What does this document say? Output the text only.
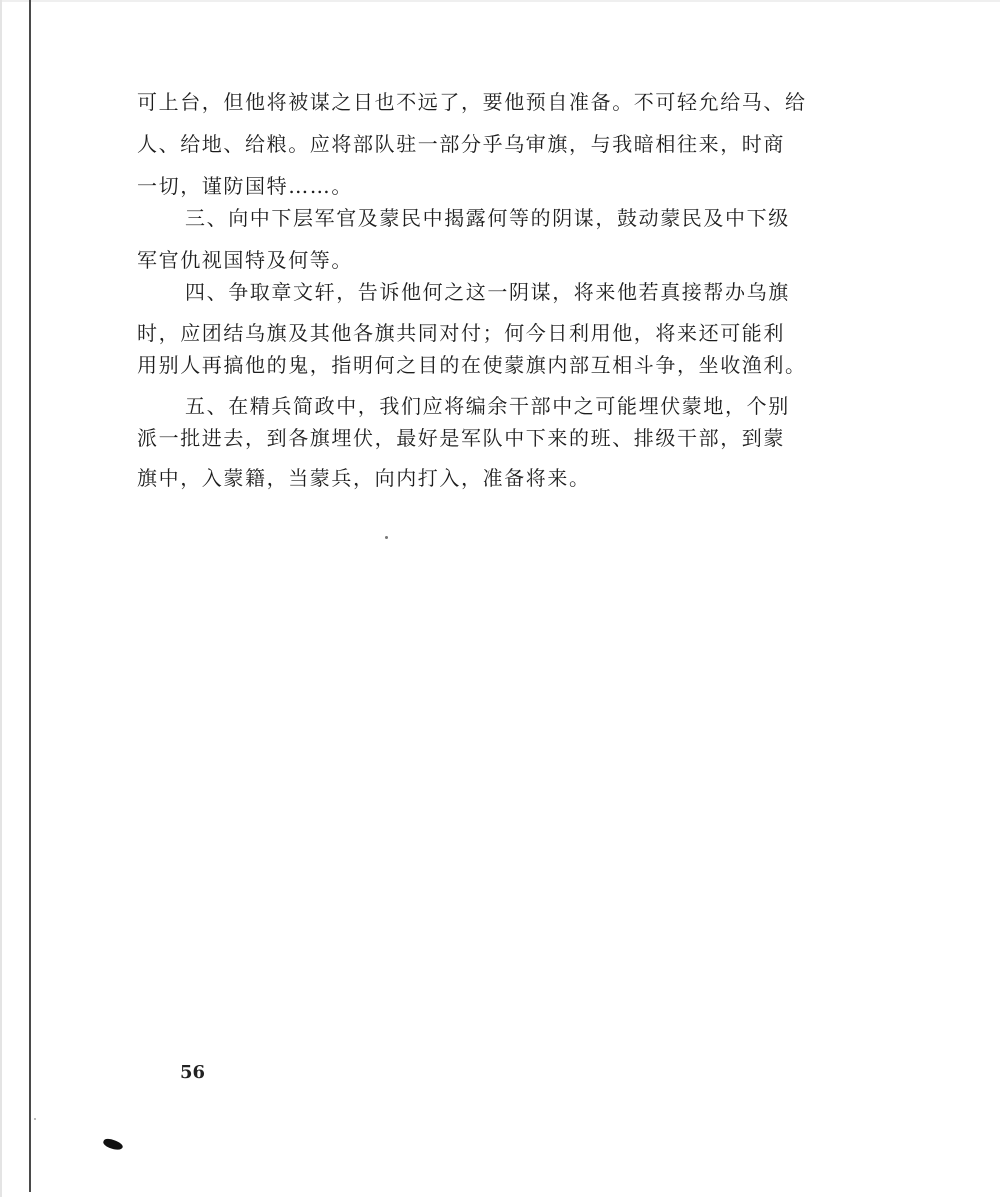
可上台，但他将被谋之日也不远了，要他预自准备。不可轻允给马、给
人、给地、给粮。应将部队驻一部分乎乌审旗，与我暗相往来，时商
一切，谨防国特……。
三、向中下层军官及蒙民中揭露何等的阴谋，鼓动蒙民及中下级
军官仇视国特及何等。
四、争取章文轩，告诉他何之这一阴谋，将来他若真接帮办乌旗
时，应团结乌旗及其他各旗共同对付；何今日利用他，将来还可能利
用别人再搞他的鬼，指明何之目的在使蒙旗内部互相斗争，坐收渔利。
五、在精兵简政中，我们应将编余干部中之可能埋伏蒙地，个别
派一批进去，到各旗埋伏，最好是军队中下来的班、排级干部，到蒙
旗中，入蒙籍，当蒙兵，向内打入，准备将来。
56
